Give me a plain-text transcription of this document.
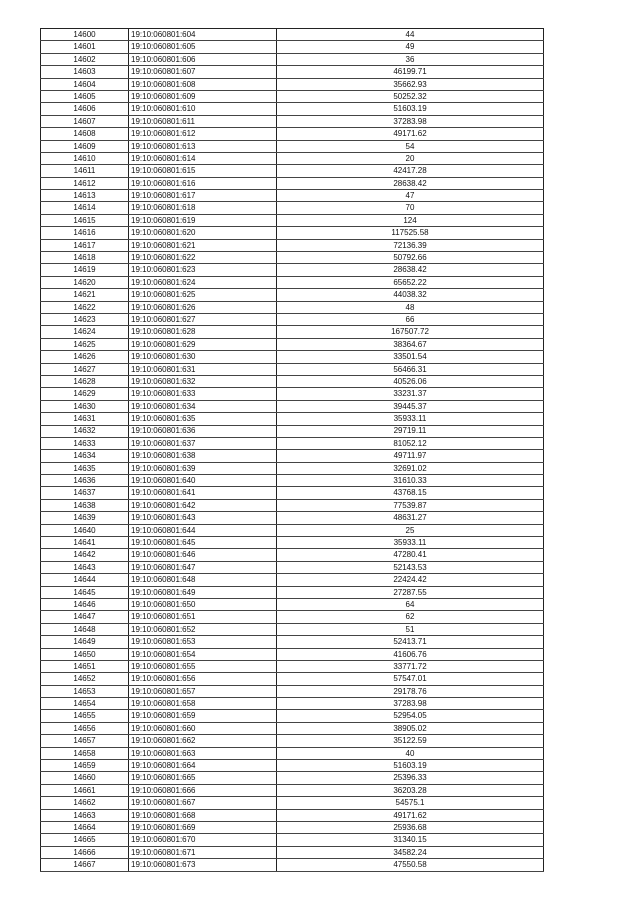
14600	19:10:060801:604	44
14601	19:10:060801:605	49
14602	19:10:060801:606	36
14603	19:10:060801:607	46199.71
14604	19:10:060801:608	35662.93
14605	19:10:060801:609	50252.32
14606	19:10:060801:610	51603.19
14607	19:10:060801:611	37283.98
14608	19:10:060801:612	49171.62
14609	19:10:060801:613	54
14610	19:10:060801:614	20
14611	19:10:060801:615	42417.28
14612	19:10:060801:616	28638.42
14613	19:10:060801:617	47
14614	19:10:060801:618	70
14615	19:10:060801:619	124
14616	19:10:060801:620	117525.58
14617	19:10:060801:621	72136.39
14618	19:10:060801:622	50792.66
14619	19:10:060801:623	28638.42
14620	19:10:060801:624	65652.22
14621	19:10:060801:625	44038.32
14622	19:10:060801:626	48
14623	19:10:060801:627	66
14624	19:10:060801:628	167507.72
14625	19:10:060801:629	38364.67
14626	19:10:060801:630	33501.54
14627	19:10:060801:631	56466.31
14628	19:10:060801:632	40526.06
14629	19:10:060801:633	33231.37
14630	19:10:060801:634	39445.37
14631	19:10:060801:635	35933.11
14632	19:10:060801:636	29719.11
14633	19:10:060801:637	81052.12
14634	19:10:060801:638	49711.97
14635	19:10:060801:639	32691.02
14636	19:10:060801:640	31610.33
14637	19:10:060801:641	43768.15
14638	19:10:060801:642	77539.87
14639	19:10:060801:643	48631.27
14640	19:10:060801:644	25
14641	19:10:060801:645	35933.11
14642	19:10:060801:646	47280.41
14643	19:10:060801:647	52143.53
14644	19:10:060801:648	22424.42
14645	19:10:060801:649	27287.55
14646	19:10:060801:650	64
14647	19:10:060801:651	62
14648	19:10:060801:652	51
14649	19:10:060801:653	52413.71
14650	19:10:060801:654	41606.76
14651	19:10:060801:655	33771.72
14652	19:10:060801:656	57547.01
14653	19:10:060801:657	29178.76
14654	19:10:060801:658	37283.98
14655	19:10:060801:659	52954.05
14656	19:10:060801:660	38905.02
14657	19:10:060801:662	35122.59
14658	19:10:060801:663	40
14659	19:10:060801:664	51603.19
14660	19:10:060801:665	25396.33
14661	19:10:060801:666	36203.28
14662	19:10:060801:667	54575.1
14663	19:10:060801:668	49171.62
14664	19:10:060801:669	25936.68
14665	19:10:060801:670	31340.15
14666	19:10:060801:671	34582.24
14667	19:10:060801:673	47550.58
